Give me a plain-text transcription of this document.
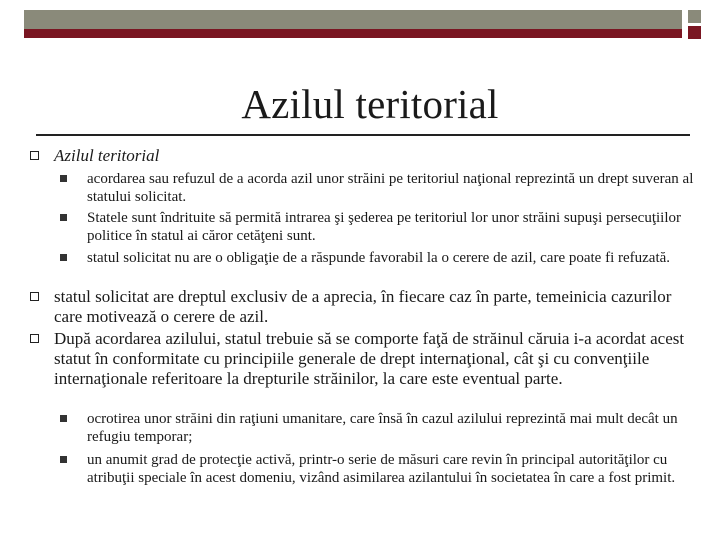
Azilul teritorial
Azilul teritorial
acordarea sau refuzul de a acorda azil unor străini pe teritoriul naţional reprezintă un drept suveran al statului solicitat.
Statele sunt îndrituite să permită intrarea şi şederea pe teritoriul lor unor străini supuşi persecuţiilor politice în statul ai căror cetăţeni sunt.
statul solicitat nu are o obligaţie de a răspunde favorabil la o cerere de azil, care poate fi refuzată.
statul solicitat are dreptul exclusiv de a aprecia, în fiecare caz în parte, temeinicia cazurilor care motivează o cerere de azil.
După acordarea azilului, statul trebuie să se comporte faţă de străinul căruia i-a acordat acest statut în conformitate cu principiile generale de drept internaţional, cât şi cu convenţiile internaţionale referitoare la drepturile străinilor, la care este eventual parte.
ocrotirea unor străini din raţiuni umanitare, care însă în cazul azilului reprezintă mai mult decât un refugiu temporar;
un anumit grad de protecţie activă, printr-o serie de măsuri care revin în principal autorităţilor cu atribuţii speciale în acest domeniu, vizând asimilarea azilantului în societatea în care a fost primit.
